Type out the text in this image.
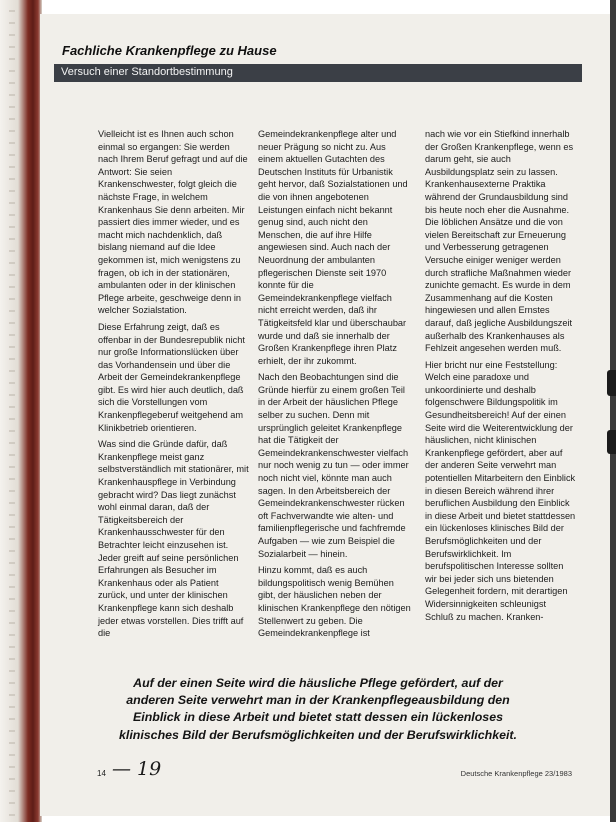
Fachliche Krankenpflege zu Hause
Versuch einer Standortbestimmung

Vielleicht ist es Ihnen auch schon einmal so ergangen: Sie werden nach Ihrem Beruf gefragt und auf die Antwort: Sie seien Krankenschwester, folgt gleich die nächste Frage, in welchem Krankenhaus Sie denn arbeiten. Mir passiert dies immer wieder, und es macht mich nachdenklich, daß bislang niemand auf die Idee gekommen ist, mich wenigstens zu fragen, ob ich in der stationären, ambulanten oder in der klinischen Pflege arbeite, geschweige denn in welcher Sozialstation.

Diese Erfahrung zeigt, daß es offenbar in der Bundesrepublik nicht nur große Informationslücken über das Vorhandensein und über die Arbeit der Gemeindekrankenpflege gibt. Es wird hier auch deutlich, daß sich die Vorstellungen vom Krankenpflegeberuf weitgehend am Klinikbetrieb orientieren.

Was sind die Gründe dafür, daß Krankenpflege meist ganz selbstverständlich mit stationärer, mit Krankenhauspflege in Verbindung gebracht wird? Das liegt zunächst wohl einmal daran, daß der Tätigkeitsbereich der Krankenhausschwester für den Betrachter leicht einzusehen ist. Jeder greift auf seine persönlichen Erfahrungen als Besucher im Krankenhaus oder als Patient zurück, und unter der klinischen Krankenpflege kann sich deshalb jeder etwas vorstellen. Dies trifft auf die

Gemeindekrankenpflege alter und neuer Prägung so nicht zu. Aus einem aktuellen Gutachten des Deutschen Instituts für Urbanistik geht hervor, daß Sozialstationen und die von ihnen angebotenen Leistungen einfach nicht bekannt genug sind, auch nicht den Menschen, die auf ihre Hilfe angewiesen sind. Auch nach der Neuordnung der ambulanten pflegerischen Dienste seit 1970 konnte für die Gemeindekrankenpflege vielfach nicht erreicht werden, daß ihr Tätigkeitsfeld klar und überschaubar wurde und daß sie innerhalb der Großen Krankenpflege ihren Platz erhielt, der ihr zukommt.

Nach den Beobachtungen sind die Gründe hierfür zu einem großen Teil in der Arbeit der häuslichen Pflege selber zu suchen. Denn mit ursprünglich geleitet Krankenpflege hat die Tätigkeit der Gemeindekrankenschwester vielfach nur noch wenig zu tun — oder immer noch nicht viel, könnte man auch sagen. In den Arbeitsbereich der Gemeindekrankenschwester rücken oft Fachverwandte wie alten- und familienpflegerische und fachfremde Aufgaben — wie zum Beispiel die Sozialarbeit — hinein.

Hinzu kommt, daß es auch bildungspolitisch wenig Bemühen gibt, der häuslichen neben der klinischen Krankenpflege den nötigen Stellenwert zu geben. Die Gemeindekrankenpflege ist

nach wie vor ein Stiefkind innerhalb der Großen Krankenpflege, wenn es darum geht, sie auch Ausbildungsplatz sein zu lassen. Krankenhausexterne Praktika während der Grundausbildung sind bis heute noch eher die Ausnahme. Die löblichen Ansätze und die von vielen Bereitschaft zur Erneuerung und Verbesserung getragenen Versuche einiger weniger werden durch strafliche Maßnahmen wieder zunichte gemacht. Es wurde in dem Zusammenhang auf die Kosten hingewiesen und allen Ernstes darauf, daß jegliche Ausbildungszeit außerhalb des Krankenhauses als Fehlzeit angesehen werden muß.

Hier bricht nur eine Feststellung: Welch eine paradoxe und unkoordinierte und deshalb folgenschwere Bildungspolitik im Gesundheitsbereich! Auf der einen Seite wird die Weiterentwicklung der häuslichen, nicht klinischen Krankenpflege gefördert, aber auf der anderen Seite verwehrt man potentiellen Mitarbeitern den Einblick in diesen Bereich während ihrer beruflichen Ausbildung den Einblick in diese Arbeit und bietet stattdessen ein lückenloses klinisches Bild der Berufsmöglichkeiten und der Berufswirklichkeit. Im berufspolitischen Interesse sollten wir bei jeder sich uns bietenden Gelegenheit fordern, mit derartigen Widersinnigkeiten schleunigst Schluß zu machen. Kranken-

Auf der einen Seite wird die häusliche Pflege gefördert, auf der anderen Seite verwehrt man in der Krankenpflegeausbildung den Einblick in diese Arbeit und bietet statt dessen ein lückenloses klinisches Bild der Berufsmöglichkeiten und der Berufswirklichkeit.
14 — 19	Deutsche Krankenpflege 23/1983
